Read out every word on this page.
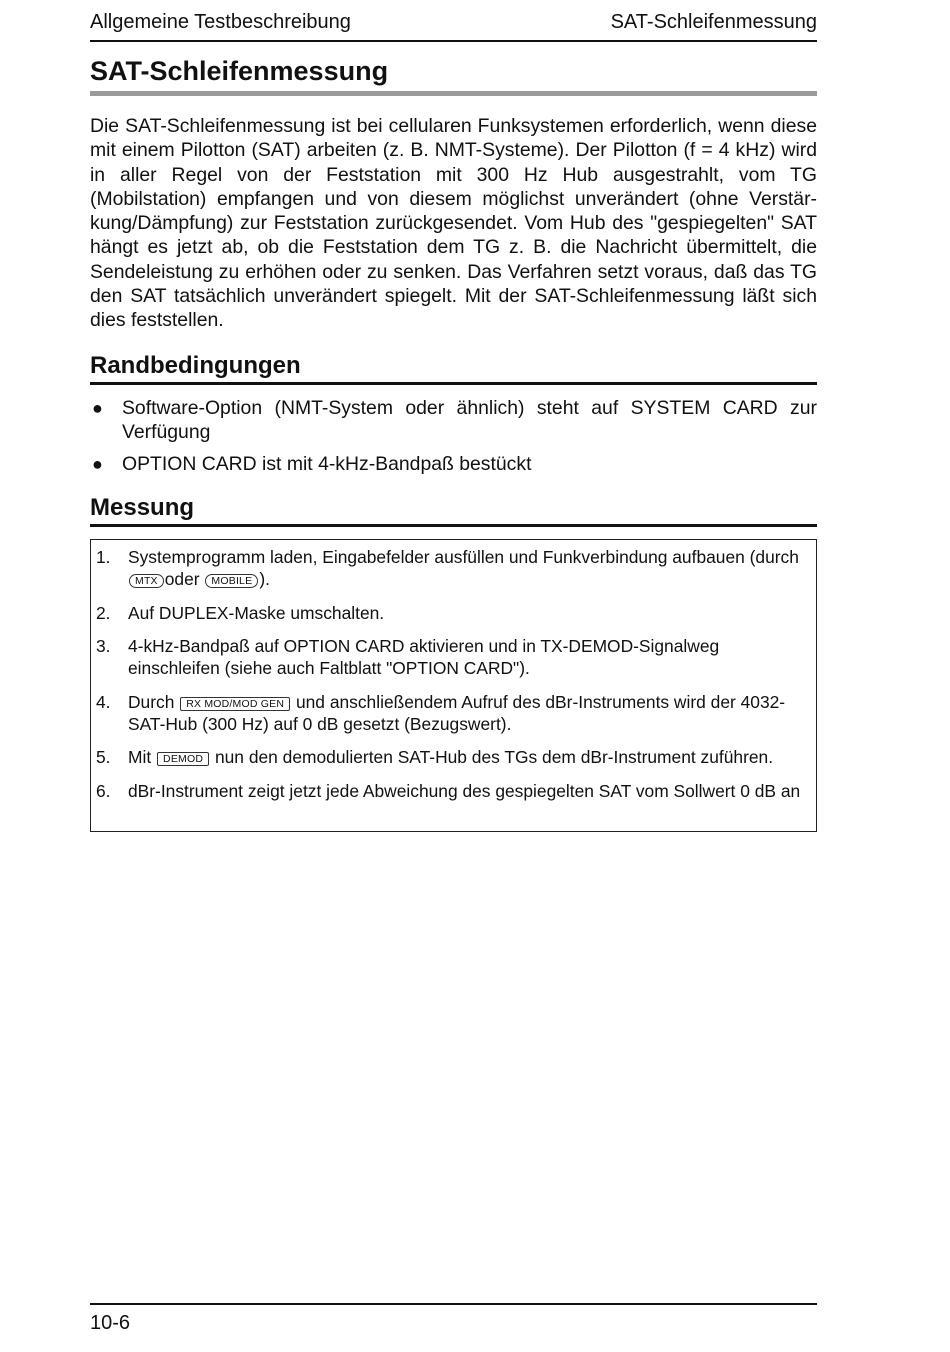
Allgemeine Testbeschreibung	SAT-Schleifenmessung
SAT-Schleifenmessung

Die SAT-Schleifenmessung ist bei cellularen Funksystemen erforderlich, wenn diese mit einem Pilotton (SAT) arbeiten (z. B. NMT-Systeme). Der Pilotton (f = 4 kHz) wird in aller Regel von der Feststation mit 300 Hz Hub ausgestrahlt, vom TG (Mobilstation) empfangen und von diesem möglichst unverändert (ohne Verstärkung/Dämpfung) zur Feststation zurückgesendet. Vom Hub des "gespiegelten" SAT hängt es jetzt ab, ob die Feststation dem TG z. B. die Nachricht übermittelt, die Sendeleistung zu erhöhen oder zu senken. Das Verfahren setzt voraus, daß das TG den SAT tatsächlich unverändert spiegelt. Mit der SAT-Schleifenmessung läßt sich dies feststellen.

Randbedingungen
● Software-Option (NMT-System oder ähnlich) steht auf SYSTEM CARD zur Verfügung
● OPTION CARD ist mit 4-kHz-Bandpaß bestückt
Messung
1. Systemprogramm laden, Eingabefelder ausfüllen und Funkverbindung aufbauen (durch MTX oder MOBILE ).
2. Auf DUPLEX-Maske umschalten.
3. 4-kHz-Bandpaß auf OPTION CARD aktivieren und in TX-DEMOD-Signalweg einschleifen (siehe auch Faltblatt "OPTION CARD").
4. Durch RX MOD/MOD GEN und anschließendem Aufruf des dBr-Instruments wird der 4032-SAT-Hub (300 Hz) auf 0 dB gesetzt (Bezugswert).
5. Mit DEMOD nun den demodulierten SAT-Hub des TGs dem dBr-Instrument zuführen.
6. dBr-Instrument zeigt jetzt jede Abweichung des gespiegelten SAT vom Sollwert 0 dB an
10-6
